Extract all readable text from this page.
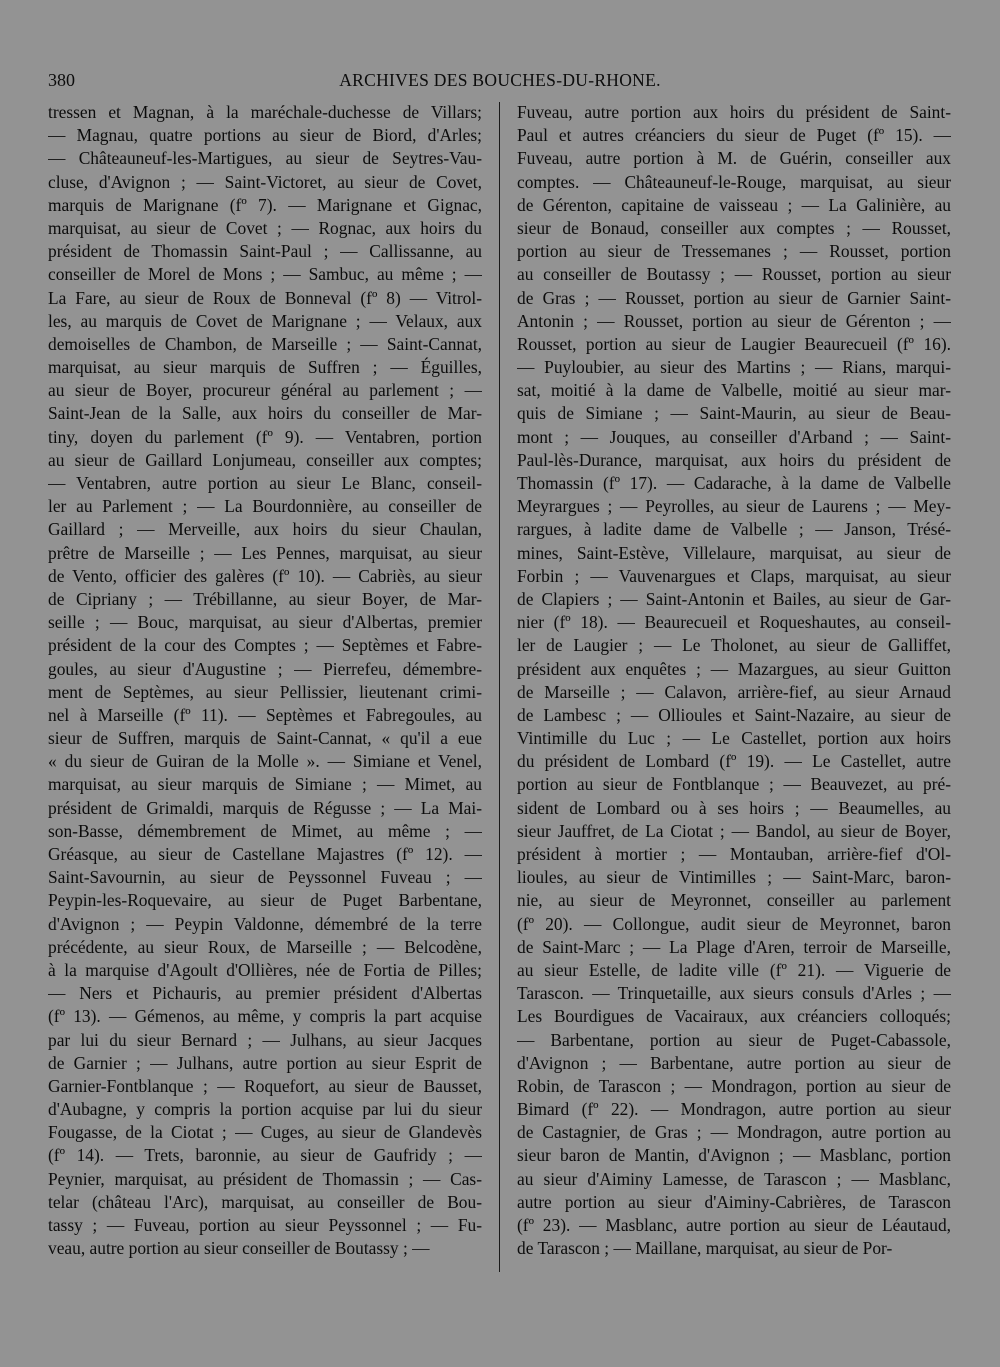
380	ARCHIVES DES BOUCHES-DU-RHONE.
tressen et Magnan, à la maréchale-duchesse de Villars;
— Magnau, quatre portions au sieur de Biord, d'Arles;
— Châteauneuf-les-Martigues, au sieur de Seytres-Vau-
cluse, d'Avignon ; — Saint-Victoret, au sieur de Covet,
marquis de Marignane (fº 7). — Marignane et Gignac,
marquisat, au sieur de Covet ; — Rognac, aux hoirs du
président de Thomassin Saint-Paul ; — Callissanne, au
conseiller de Morel de Mons ; — Sambuc, au même ; —
La Fare, au sieur de Roux de Bonneval (fº 8) — Vitrol-
les, au marquis de Covet de Marignane ; — Velaux, aux
demoiselles de Chambon, de Marseille ; — Saint-Cannat,
marquisat, au sieur marquis de Suffren ; — Éguilles,
au sieur de Boyer, procureur général au parlement ; —
Saint-Jean de la Salle, aux hoirs du conseiller de Mar-
tiny, doyen du parlement (fº 9). — Ventabren, portion
au sieur de Gaillard Lonjumeau, conseiller aux comptes;
— Ventabren, autre portion au sieur Le Blanc, conseil-
ler au Parlement ; — La Bourdonnière, au conseiller de
Gaillard ; — Merveille, aux hoirs du sieur Chaulan,
prêtre de Marseille ; — Les Pennes, marquisat, au sieur
de Vento, officier des galères (fº 10). — Cabriès, au sieur
de Cipriany ; — Trébillanne, au sieur Boyer, de Mar-
seille ; — Bouc, marquisat, au sieur d'Albertas, premier
président de la cour des Comptes ; — Septèmes et Fabre-
goules, au sieur d'Augustine ; — Pierrefeu, démembre-
ment de Septèmes, au sieur Pellissier, lieutenant crimi-
nel à Marseille (fº 11). — Septèmes et Fabregoules, au
sieur de Suffren, marquis de Saint-Cannat, « qu'il a eue
« du sieur de Guiran de la Molle ». — Simiane et Venel,
marquisat, au sieur marquis de Simiane ; — Mimet, au
président de Grimaldi, marquis de Régusse ; — La Mai-
son-Basse, démembrement de Mimet, au même ; —
Gréasque, au sieur de Castellane Majastres (fº 12). —
Saint-Savournin, au sieur de Peyssonnel Fuveau ; —
Peypin-les-Roquevaire, au sieur de Puget Barbentane,
d'Avignon ; — Peypin Valdonne, démembré de la terre
précédente, au sieur Roux, de Marseille ; — Belcodène,
à la marquise d'Agoult d'Ollières, née de Fortia de Pilles;
— Ners et Pichauris, au premier président d'Albertas
(fº 13). — Gémenos, au même, y compris la part acquise
par lui du sieur Bernard ; — Julhans, au sieur Jacques
de Garnier ; — Julhans, autre portion au sieur Esprit de
Garnier-Fontblanque ; — Roquefort, au sieur de Bausset,
d'Aubagne, y compris la portion acquise par lui du sieur
Fougasse, de la Ciotat ; — Cuges, au sieur de Glandevès
(fº 14). — Trets, baronnie, au sieur de Gaufridy ; —
Peynier, marquisat, au président de Thomassin ; — Cas-
telar (château l'Arc), marquisat, au conseiller de Bou-
tassy ; — Fuveau, portion au sieur Peyssonnel ; — Fu-
veau, autre portion au sieur conseiller de Boutassy ; —
Fuveau, autre portion aux hoirs du président de Saint-
Paul et autres créanciers du sieur de Puget (fº 15). —
Fuveau, autre portion à M. de Guérin, conseiller aux
comptes. — Châteauneuf-le-Rouge, marquisat, au sieur
de Gérenton, capitaine de vaisseau ; — La Galinière, au
sieur de Bonaud, conseiller aux comptes ; — Rousset,
portion au sieur de Tressemanes ; — Rousset, portion
au conseiller de Boutassy ; — Rousset, portion au sieur
de Gras ; — Rousset, portion au sieur de Garnier Saint-
Antonin ; — Rousset, portion au sieur de Gérenton ; —
Rousset, portion au sieur de Laugier Beaurecueil (fº 16).
— Puyloubier, au sieur des Martins ; — Rians, marqui-
sat, moitié à la dame de Valbelle, moitié au sieur mar-
quis de Simiane ; — Saint-Maurin, au sieur de Beau-
mont ; — Jouques, au conseiller d'Arband ; — Saint-
Paul-lès-Durance, marquisat, aux hoirs du président de
Thomassin (fº 17). — Cadarache, à la dame de Valbelle
Meyrargues ; — Peyrolles, au sieur de Laurens ; — Mey-
rargues, à ladite dame de Valbelle ; — Janson, Trésé-
mines, Saint-Estève, Villelaure, marquisat, au sieur de
Forbin ; — Vauvenargues et Claps, marquisat, au sieur
de Clapiers ; — Saint-Antonin et Bailes, au sieur de Gar-
nier (fº 18). — Beaurecueil et Roqueshautes, au conseil-
ler de Laugier ; — Le Tholonet, au sieur de Galliffet,
président aux enquêtes ; — Mazargues, au sieur Guitton
de Marseille ; — Calavon, arrière-fief, au sieur Arnaud
de Lambesc ; — Ollioules et Saint-Nazaire, au sieur de
Vintimille du Luc ; — Le Castellet, portion aux hoirs
du président de Lombard (fº 19). — Le Castellet, autre
portion au sieur de Fontblanque ; — Beauvezet, au pré-
sident de Lombard ou à ses hoirs ; — Beaumelles, au
sieur Jauffret, de La Ciotat ; — Bandol, au sieur de Boyer,
président à mortier ; — Montauban, arrière-fief d'Ol-
lioules, au sieur de Vintimilles ; — Saint-Marc, baron-
nie, au sieur de Meyronnet, conseiller au parlement
(fº 20). — Collongue, audit sieur de Meyronnet, baron
de Saint-Marc ; — La Plage d'Aren, terroir de Marseille,
au sieur Estelle, de ladite ville (fº 21). — Viguerie de
Tarascon. — Trinquetaille, aux sieurs consuls d'Arles ; —
Les Bourdigues de Vacairaux, aux créanciers colloqués;
— Barbentane, portion au sieur de Puget-Cabassole,
d'Avignon ; — Barbentane, autre portion au sieur de
Robin, de Tarascon ; — Mondragon, portion au sieur de
Bimard (fº 22). — Mondragon, autre portion au sieur
de Castagnier, de Gras ; — Mondragon, autre portion au
sieur baron de Mantin, d'Avignon ; — Masblanc, portion
au sieur d'Aiminy Lamesse, de Tarascon ; — Masblanc,
autre portion au sieur d'Aiminy-Cabrières, de Tarascon
(fº 23). — Masblanc, autre portion au sieur de Léautaud,
de Tarascon ; — Maillane, marquisat, au sieur de Por-
